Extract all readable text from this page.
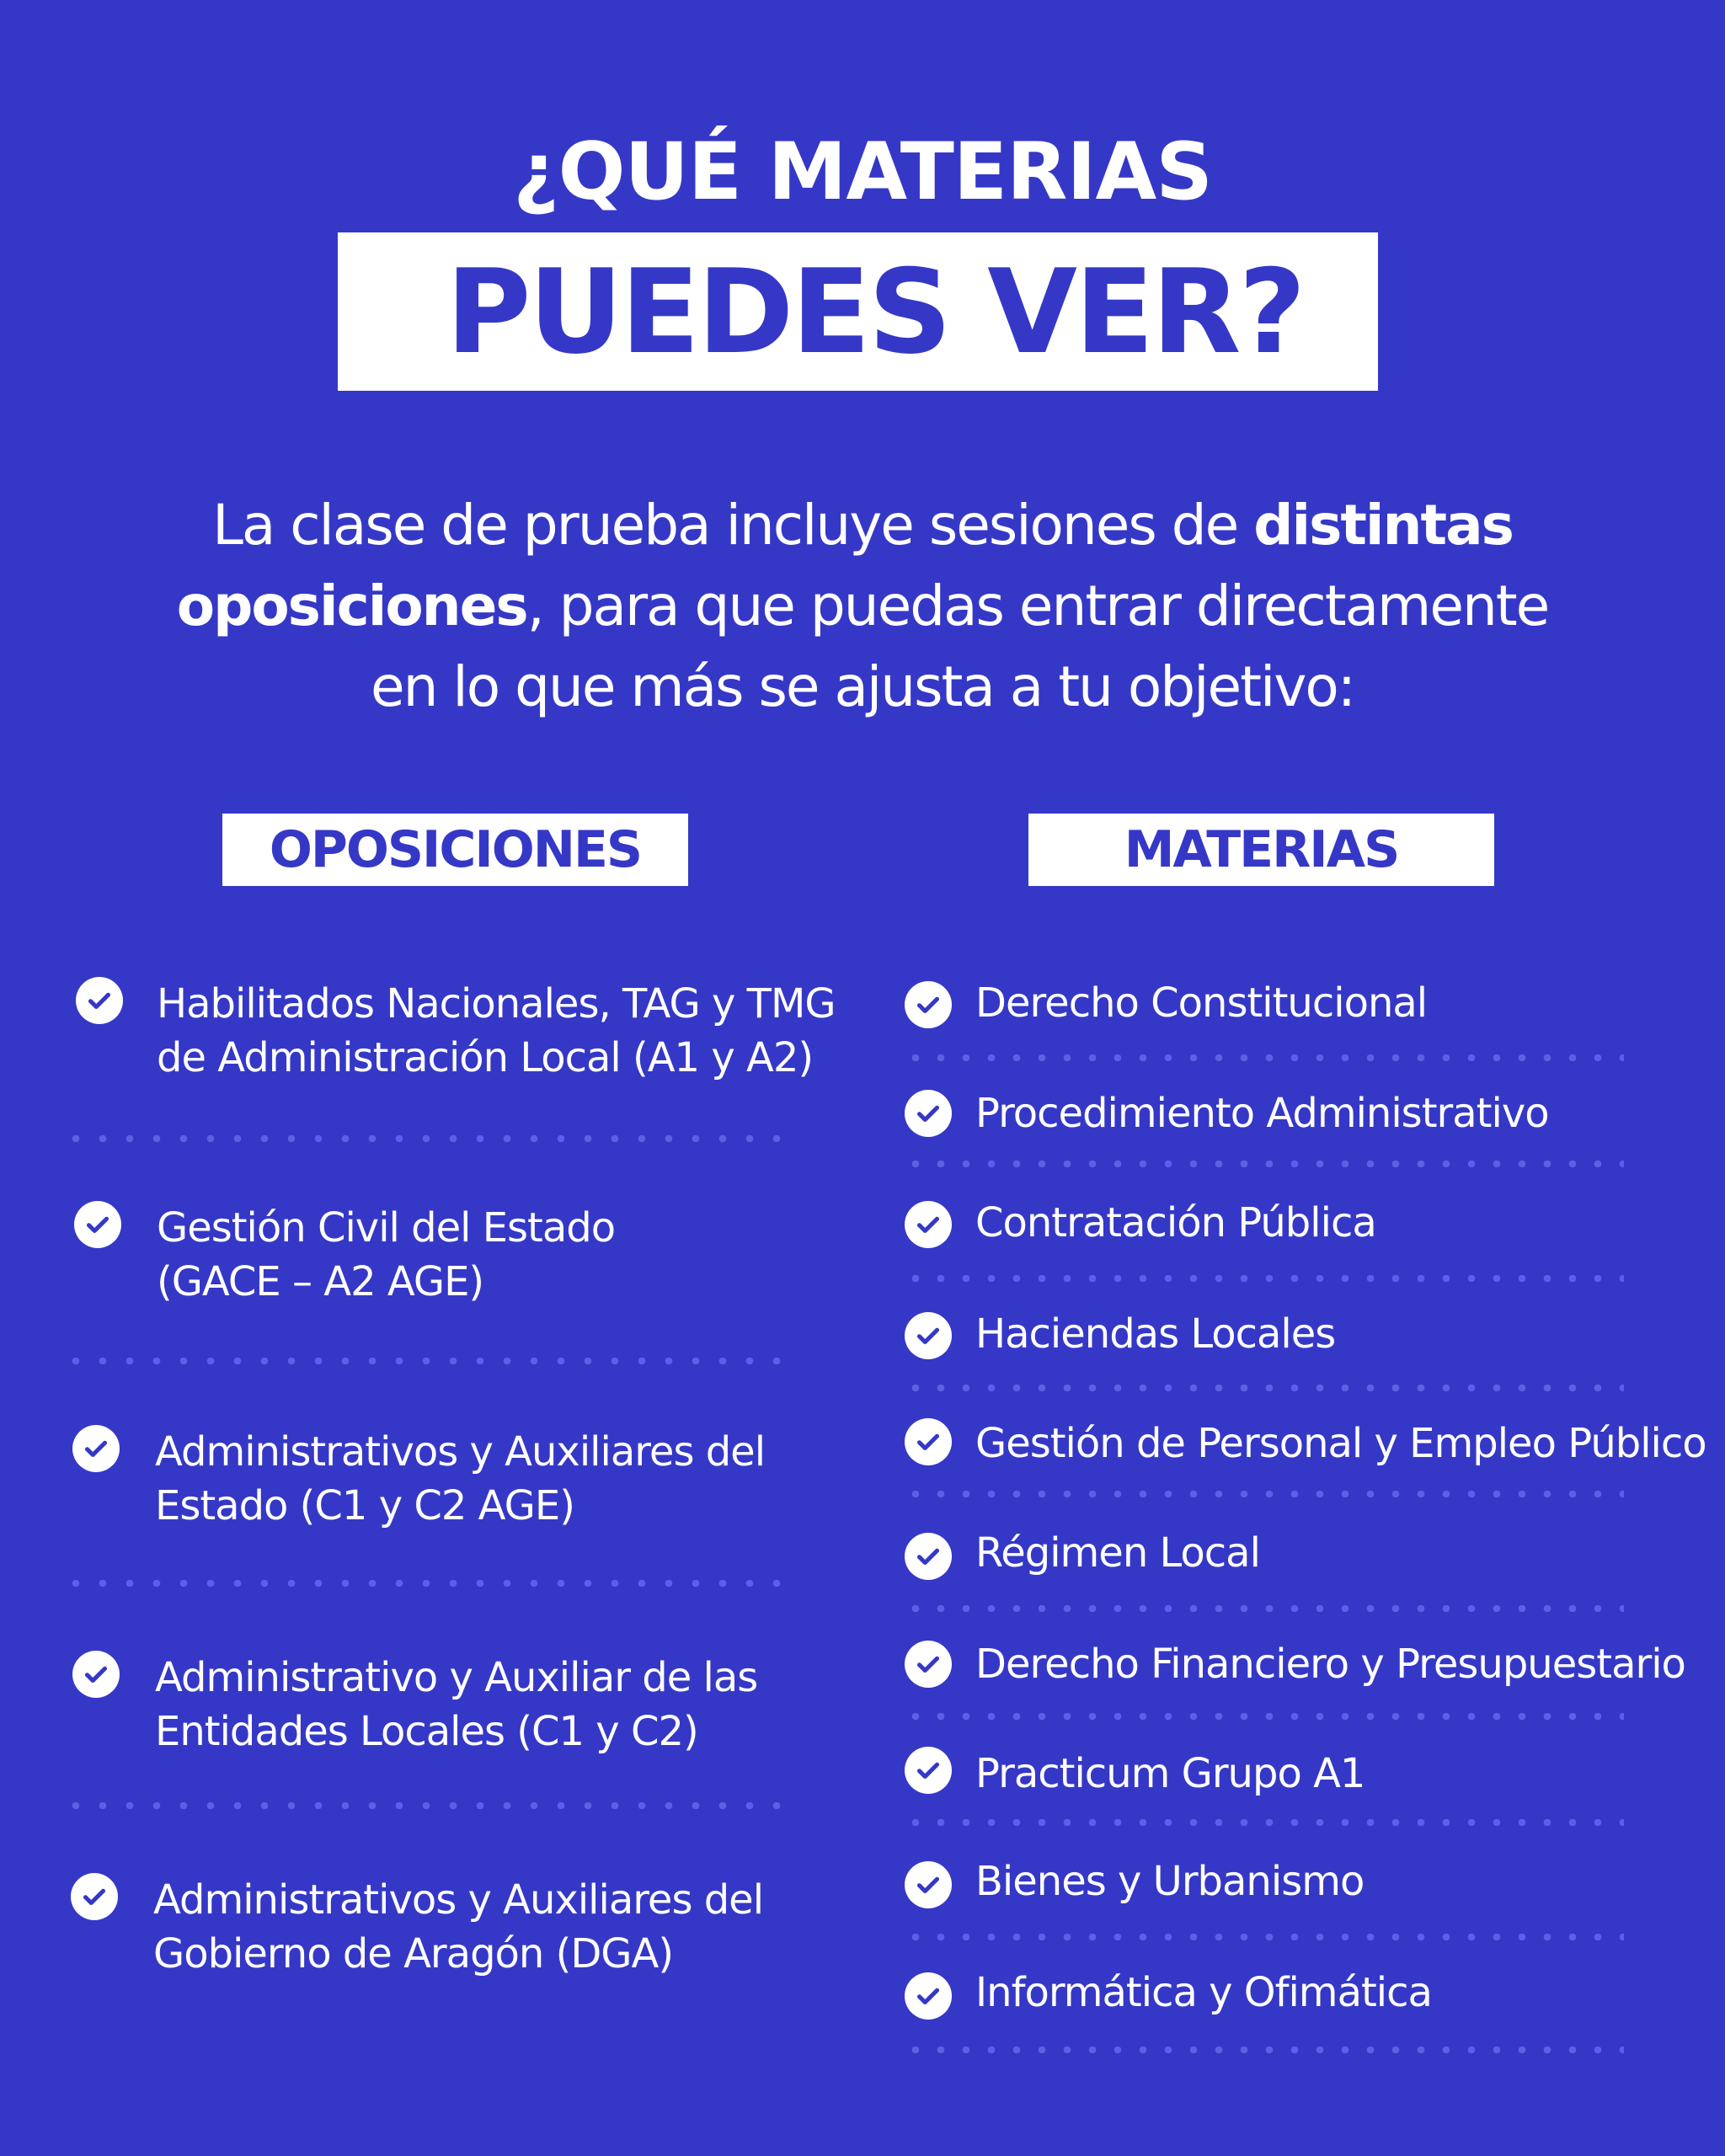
¿QUÉ MATERIAS
PUEDES VER?

La clase de prueba incluye sesiones de distintas oposiciones, para que puedas entrar directamente en lo que más se ajusta a tu objetivo:

OPOSICIONES	MATERIAS
Habilitados Nacionales, TAG y TMG
de Administración Local (A1 y A2)
Gestión Civil del Estado
(GACE – A2 AGE)
Administrativos y Auxiliares del
Estado (C1 y C2 AGE)
Administrativo y Auxiliar de las
Entidades Locales (C1 y C2)
Administrativos y Auxiliares del
Gobierno de Aragón (DGA)
Derecho Constitucional
Procedimiento Administrativo
Contratación Pública
Haciendas Locales
Gestión de Personal y Empleo Público
Régimen Local
Derecho Financiero y Presupuestario
Practicum Grupo A1
Bienes y Urbanismo
Informática y Ofimática
